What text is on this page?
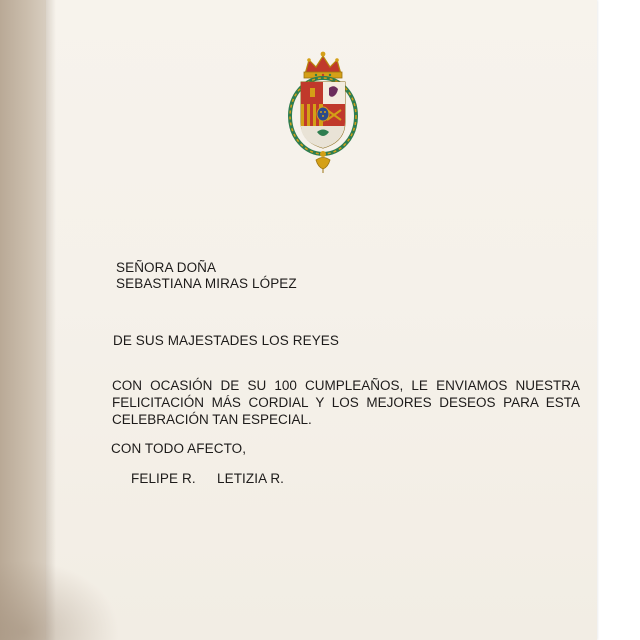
SEÑORA DOÑA
SEBASTIANA MIRAS LÓPEZ
DE SUS MAJESTADES LOS REYES
CON OCASIÓN DE SU 100 CUMPLEAÑOS, LE ENVIAMOS NUESTRA FELICITACIÓN MÁS CORDIAL Y LOS MEJORES DESEOS PARA ESTA CELEBRACIÓN TAN ESPECIAL.
CON TODO AFECTO,
FELIPE R. LETIZIA R.
